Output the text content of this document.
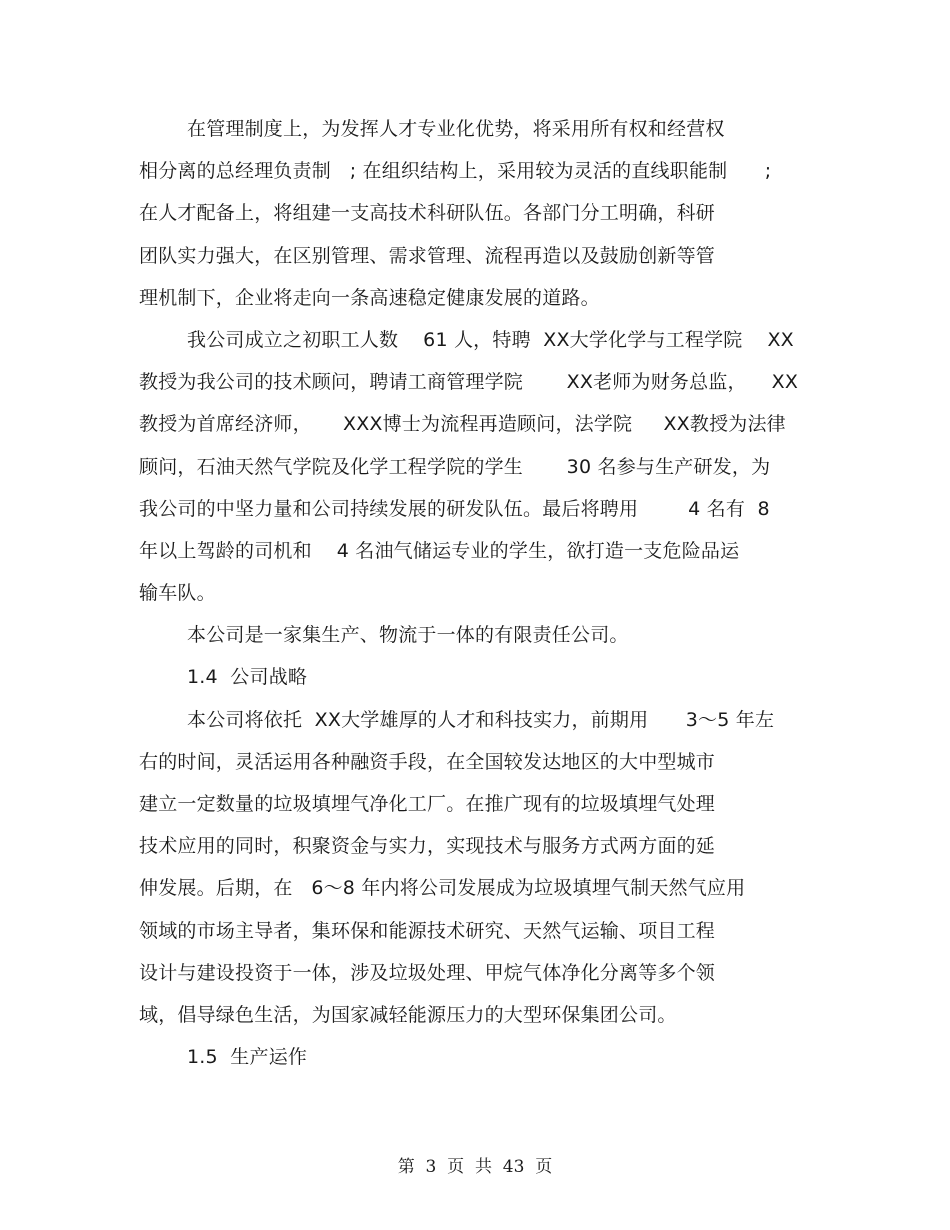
在管理制度上，为发挥人才专业化优势，将采用所有权和经营权
相分离的总经理负责制   ; 在组织结构上，采用较为灵活的直线职能制      ;
在人才配备上，将组建一支高技术科研队伍。各部门分工明确，科研
团队实力强大，在区别管理、需求管理、流程再造以及鼓励创新等管
理机制下，企业将走向一条高速稳定健康发展的道路。
我公司成立之初职工人数    61 人，特聘  XX大学化学与工程学院    XX
教授为我公司的技术顾问，聘请工商管理学院       XX老师为财务总监，    XX
教授为首席经济师，     XXX博士为流程再造顾问，法学院     XX教授为法律
顾问，石油天然气学院及化学工程学院的学生       30 名参与生产研发，为
我公司的中坚力量和公司持续发展的研发队伍。最后将聘用        4 名有  8
年以上驾龄的司机和    4 名油气储运专业的学生，欲打造一支危险品运
输车队。
本公司是一家集生产、物流于一体的有限责任公司。
1.4  公司战略
本公司将依托  XX大学雄厚的人才和科技实力，前期用      3～5 年左
右的时间，灵活运用各种融资手段，在全国较发达地区的大中型城市
建立一定数量的垃圾填埋气净化工厂。在推广现有的垃圾填埋气处理
技术应用的同时，积聚资金与实力，实现技术与服务方式两方面的延
伸发展。后期，在   6～8 年内将公司发展成为垃圾填埋气制天然气应用
领域的市场主导者，集环保和能源技术研究、天然气运输、项目工程
设计与建设投资于一体，涉及垃圾处理、甲烷气体净化分离等多个领
域，倡导绿色生活，为国家减轻能源压力的大型环保集团公司。
1.5  生产运作
第  3  页  共  43  页
